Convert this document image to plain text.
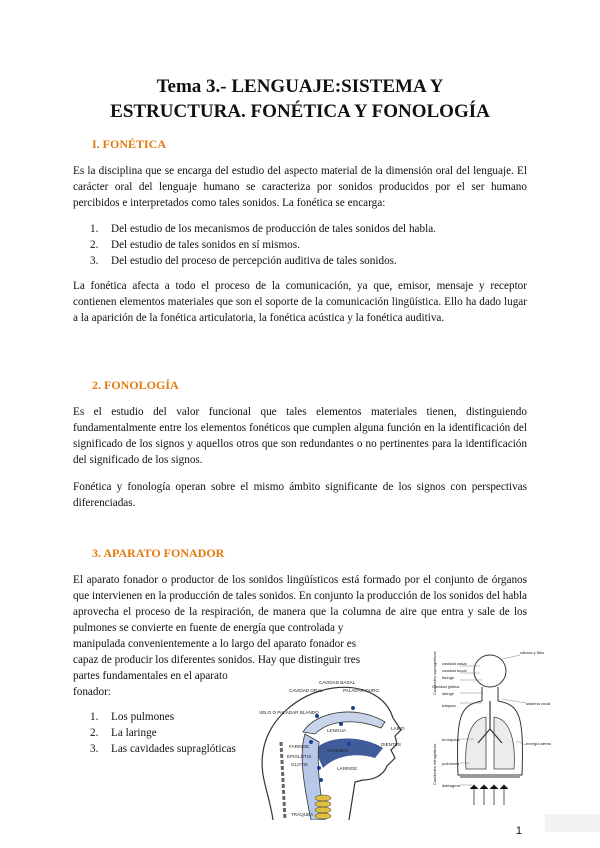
Tema 3.- LENGUAJE:SISTEMA Y
ESTRUCTURA. FONÉTICA Y FONOLOGÍA
I. FONÉTICA
Es la disciplina que se encarga del estudio del aspecto material de la dimensión oral del lenguaje. El carácter oral del lenguaje humano se caracteriza por sonidos producidos por el ser humano percibidos e interpretados como tales sonidos. La fonética se encarga:
1. Del estudio de los mecanismos de producción de tales sonidos del habla.
2. Del estudio de tales sonidos en sí mismos.
3. Del estudio del proceso de percepción auditiva de tales sonidos.
La fonética afecta a todo el proceso de la comunicación, ya que, emisor, mensaje y receptor contienen elementos materiales que son el soporte de la comunicación lingüística. Ello ha dado lugar a la aparición de la fonética articulatoria, la fonética acústica y la fonética auditiva.
2. FONOLOGÍA
Es el estudio del valor funcional que tales elementos materiales tienen, distinguiendo fundamentalmente entre los elementos fonéticos que cumplen alguna función en la identificación del significado de los signos y aquellos otros que son redundantes o no pertinentes para la identificación del significado de los signos.
Fonética y fonología operan sobre el mismo ámbito significante de los signos con perspectivas diferenciadas.
3. APARATO FONADOR
El aparato fonador o productor de los sonidos lingüísticos está formado por el conjunto de órganos que intervienen en la producción de tales sonidos. En conjunto la producción de los sonidos del habla aprovecha el proceso de la respiración, de manera que la columna de aire que entra y sale de los pulmones se convierte en fuente de energía que controlada y
manipulada convenientemente a lo largo del aparato fonador es
capaz de producir los diferentes sonidos. Hay que distinguir tres
partes fundamentales en el aparato
fonador:
1. Los pulmones
2. La laringe
3. Las cavidades supraglóticas
CAVIDAD BASAL
CAVIDAD ORAL	PALADAR DURO
VELO O PALADAR BLANDO
LENGUA	LABIO
DIENTES
FARINGE
EPIGLOTIS
ALVEOLO
GLOTIS
LARINGE
TRÁQUEA
cavidad nasal
cavidad bucal
faringe
Cavidad glótica
laringe
tráquea
bronquios
pulmones
diafragma
válvula y filtro
sistema vocal
energía aérea
Cavidades supraglóticas
Cavidades infraglóticas
1
